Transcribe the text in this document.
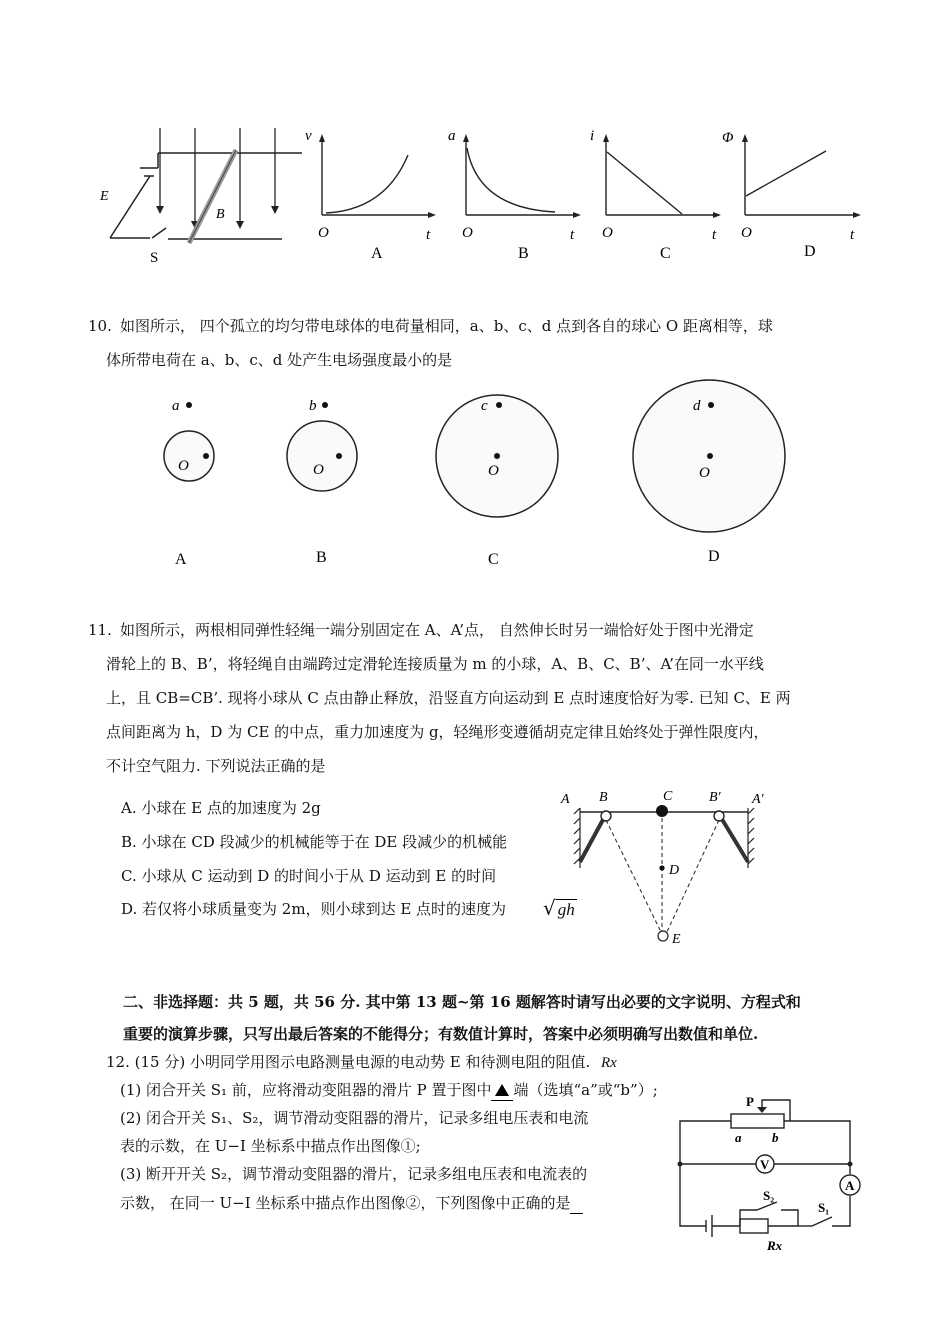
E
B
S
v
O	t
a
O	t
i
O	t
Φ
O	t
A	B	C	D
10. 如图所示， 四个孤立的均匀带电球体的电荷量相同，a、b、c、d 点到各自的球心 O 距离相等，球
体所带电荷在 a、b、c、d 处产生电场强度最小的是
a
O
b
O
c
O
d
O
A	B	C	D
11. 如图所示，两根相同弹性轻绳一端分别固定在 A、A’点， 自然伸长时另一端恰好处于图中光滑定
滑轮上的 B、B’，将轻绳自由端跨过定滑轮连接质量为 m 的小球，A、B、C、B’、A’在同一水平线
上，且 CB=CB’. 现将小球从 C 点由静止释放，沿竖直方向运动到 E 点时速度恰好为零. 已知 C、E 两
点间距离为 h，D 为 CE 的中点，重力加速度为 g，轻绳形变遵循胡克定律且始终处于弹性限度内，
不计空气阻力. 下列说法正确的是
A. 小球在 E 点的加速度为 2g
B. 小球在 CD 段减少的机械能等于在 DE 段减少的机械能
C. 小球从 C 运动到 D 的时间小于从 D 运动到 E 的时间
D. 若仅将小球质量变为 2m，则小球到达 E 点时的速度为 √ gh
A B	C	B′ A′
D
E
二、非选择题：共 5 题，共 56 分. 其中第 13 题~第 16 题解答时请写出必要的文字说明、方程式和
重要的演算步骤，只写出最后答案的不能得分；有数值计算时，答案中必须明确写出数值和单位.
12. (15 分) 小明同学用图示电路测量电源的电动势 E 和待测电阻的阻值. Rx
(1) 闭合开关 S₁ 前，应将滑动变阻器的滑片 P 置于图中 端（选填“a”或“b”）;
(2) 闭合开关 S₁、S₂，调节滑动变阻器的滑片，记录多组电压表和电流
表的示数，在 U−I 坐标系中描点作出图像①;
(3) 断开开关 S₂，调节滑动变阻器的滑片，记录多组电压表和电流表的
示数， 在同一 U−I 坐标系中描点作出图像②，下列图像中正确的是
P
V
A
S₂
S₁
a b
Rx
